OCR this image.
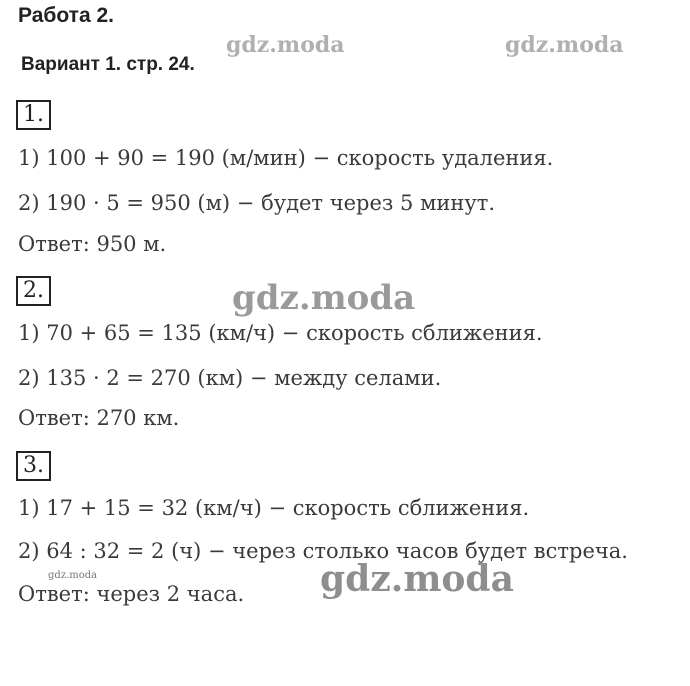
Работа 2.
Вариант 1. стр. 24.
1.
1) 100 + 90 = 190 (м/мин) − скорость удаления.
2) 190 · 5 = 950 (м) − будет через 5 минут.
Ответ: 950 м.
2.
1) 70 + 65 = 135 (км/ч) − скорость сближения.
2) 135 · 2 = 270 (км) − между селами.
Ответ: 270 км.
3.
1) 17 + 15 = 32 (км/ч) − скорость сближения.
2) 64 : 32 = 2 (ч) − через столько часов будет встреча.
Ответ: через 2 часа.
gdz.moda	gdz.moda
gdz.moda
gdz.moda	gdz.moda
